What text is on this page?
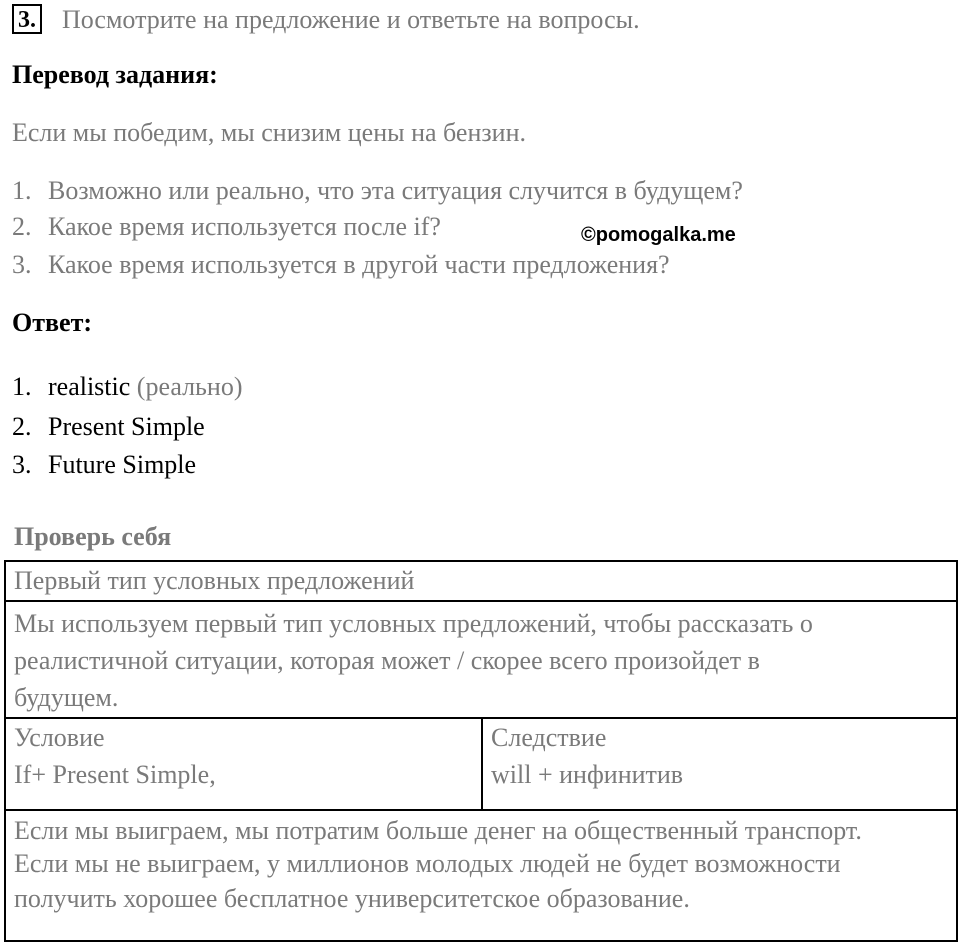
3. Посмотрите на предложение и ответьте на вопросы.
Перевод задания:
Если мы победим, мы снизим цены на бензин.
1. Возможно или реально, что эта ситуация случится в будущем?
2. Какое время используется после if?
3. Какое время используется в другой части предложения?
©pomogalka.me
Ответ:
1. realistic (реально)
2. Present Simple
3. Future Simple
Проверь себя
Первый тип условных предложений
Мы используем первый тип условных предложений, чтобы рассказать о
реалистичной ситуации, которая может / скорее всего произойдет в
будущем.
Условие
If+ Present Simple,
Следствие
will + инфинитив
Если мы выиграем, мы потратим больше денег на общественный транспорт.
Если мы не выиграем, у миллионов молодых людей не будет возможности
получить хорошее бесплатное университетское образование.
